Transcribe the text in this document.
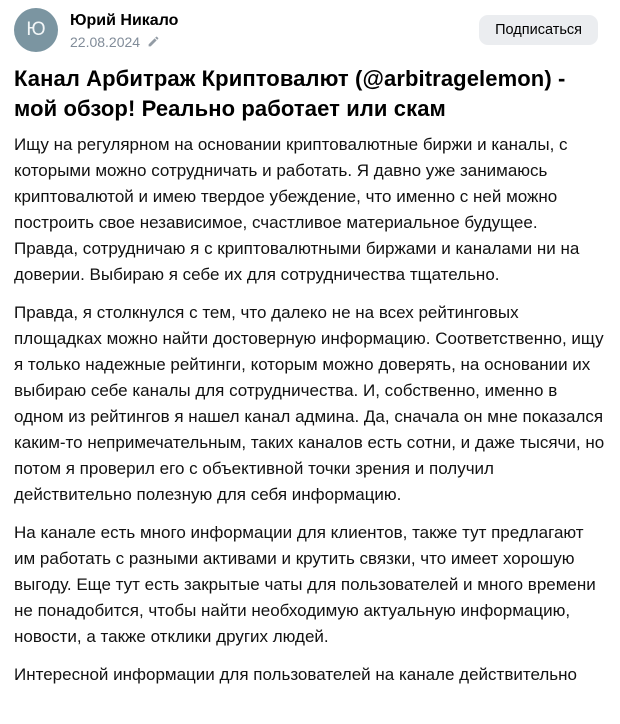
Ю Юрий Никало
22.08.2024
Подписаться
Канал Арбитраж Криптовалют (@arbitragelemon) - мой обзор! Реально работает или скам

Ищу на регулярном на основании криптовалютные биржи и каналы, с которыми можно сотрудничать и работать. Я давно уже занимаюсь криптовалютой и имею твердое убеждение, что именно с ней можно построить свое независимое, счастливое материальное будущее. Правда, сотрудничаю я с криптовалютными биржами и каналами ни на доверии. Выбираю я себе их для сотрудничества тщательно.

Правда, я столкнулся с тем, что далеко не на всех рейтинговых площадках можно найти достоверную информацию. Соответственно, ищу я только надежные рейтинги, которым можно доверять, на основании их выбираю себе каналы для сотрудничества. И, собственно, именно в одном из рейтингов я нашел канал админа. Да, сначала он мне показался каким-то непримечательным, таких каналов есть сотни, и даже тысячи, но потом я проверил его с объективной точки зрения и получил действительно полезную для себя информацию.

На канале есть много информации для клиентов, также тут предлагают им работать с разными активами и крутить связки, что имеет хорошую выгоду. Еще тут есть закрытые чаты для пользователей и много времени не понадобится, чтобы найти необходимую актуальную информацию, новости, а также отклики других людей.

Интересной информации для пользователей на канале действительно
